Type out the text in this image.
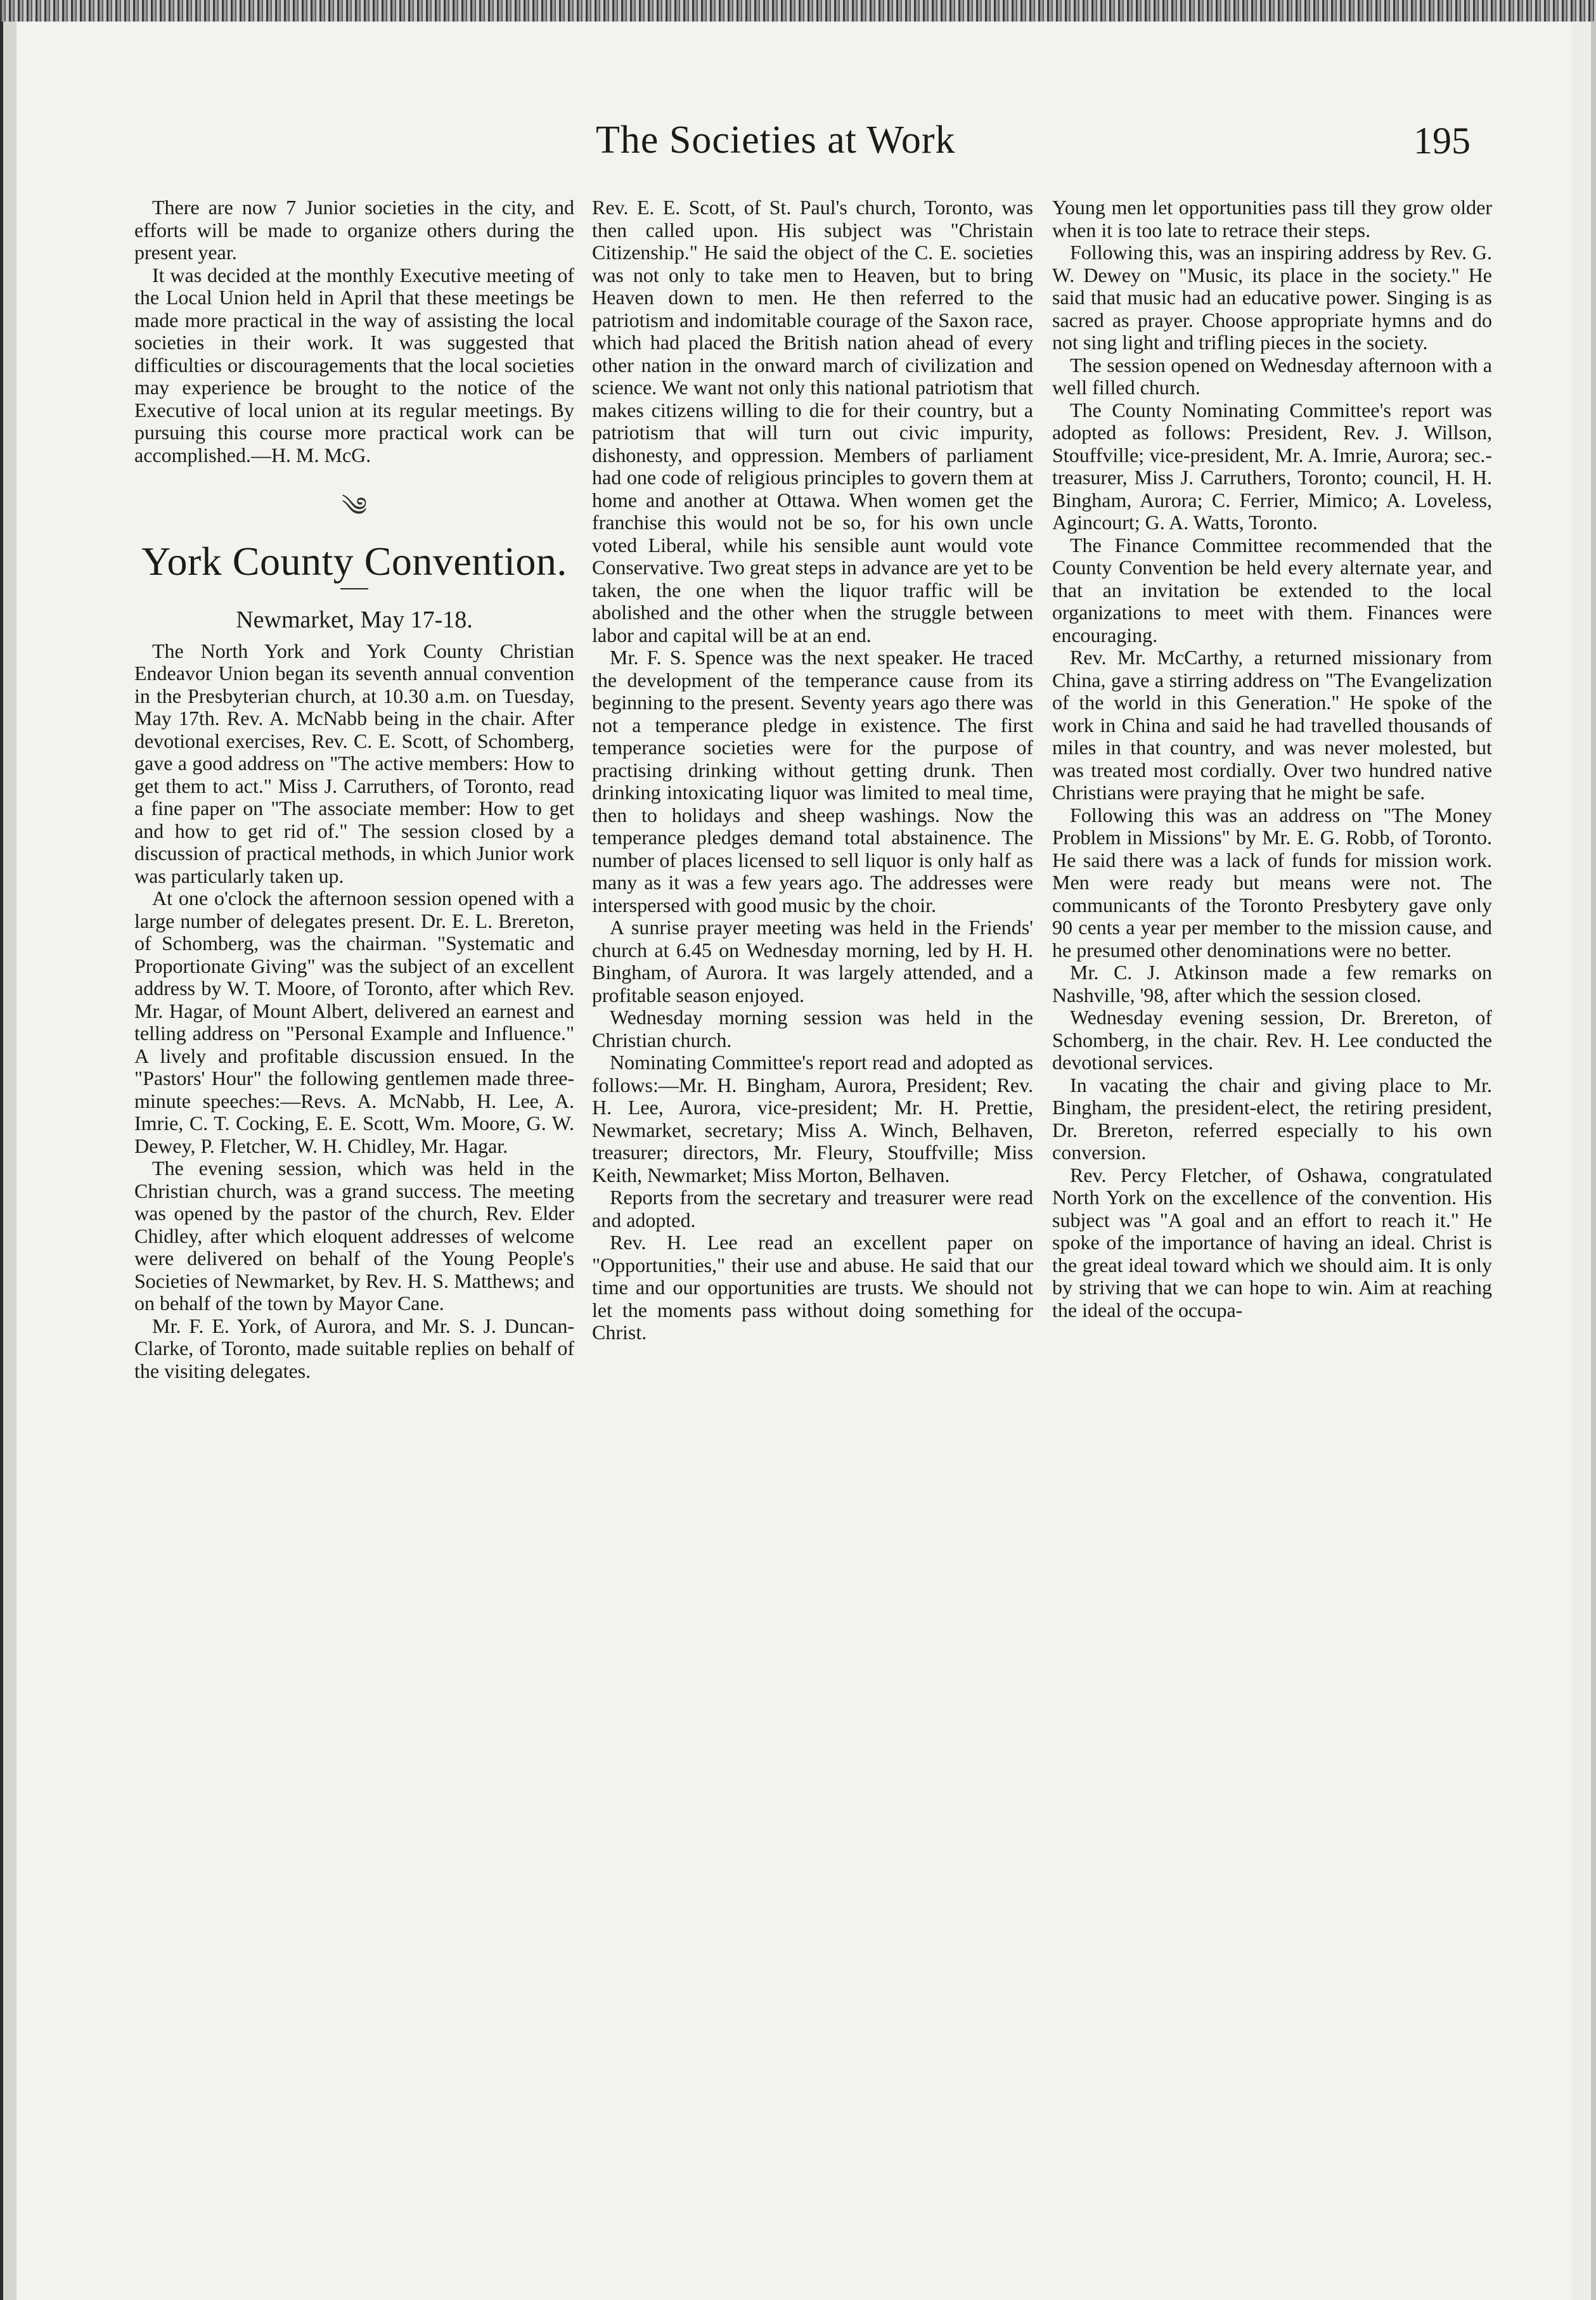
The Societies at Work	195

There are now 7 Junior societies in the city, and efforts will be made to organize others during the present year.

It was decided at the monthly Executive meeting of the Local Union held in April that these meetings be made more practical in the way of assisting the local societies in their work. It was suggested that difficulties or discouragements that the local societies may experience be brought to the notice of the Executive of local union at its regular meetings. By pursuing this course more practical work can be accomplished.—H. M. McG.

༄
York County Convention.
Newmarket, May 17-18.

The North York and York County Christian Endeavor Union began its seventh annual convention in the Presbyterian church, at 10.30 a.m. on Tuesday, May 17th. Rev. A. McNabb being in the chair. After devotional exercises, Rev. C. E. Scott, of Schomberg, gave a good address on "The active members: How to get them to act." Miss J. Carruthers, of Toronto, read a fine paper on "The associate member: How to get and how to get rid of." The session closed by a discussion of practical methods, in which Junior work was particularly taken up.

At one o'clock the afternoon session opened with a large number of delegates present. Dr. E. L. Brereton, of Schomberg, was the chairman. "Systematic and Proportionate Giving" was the subject of an excellent address by W. T. Moore, of Toronto, after which Rev. Mr. Hagar, of Mount Albert, delivered an earnest and telling address on "Personal Example and Influence." A lively and profitable discussion ensued. In the "Pastors' Hour" the following gentlemen made three-minute speeches:—Revs. A. McNabb, H. Lee, A. Imrie, C. T. Cocking, E. E. Scott, Wm. Moore, G. W. Dewey, P. Fletcher, W. H. Chidley, Mr. Hagar.

The evening session, which was held in the Christian church, was a grand success. The meeting was opened by the pastor of the church, Rev. Elder Chidley, after which eloquent addresses of welcome were delivered on behalf of the Young People's Societies of Newmarket, by Rev. H. S. Matthews; and on behalf of the town by Mayor Cane.

Mr. F. E. York, of Aurora, and Mr. S. J. Duncan-Clarke, of Toronto, made suitable replies on behalf of the visiting delegates.

Rev. E. E. Scott, of St. Paul's church, Toronto, was then called upon. His subject was "Christain Citizenship." He said the object of the C. E. societies was not only to take men to Heaven, but to bring Heaven down to men. He then referred to the patriotism and indomitable courage of the Saxon race, which had placed the British nation ahead of every other nation in the onward march of civilization and science. We want not only this national patriotism that makes citizens willing to die for their country, but a patriotism that will turn out civic impurity, dishonesty, and oppression. Members of parliament had one code of religious principles to govern them at home and another at Ottawa. When women get the franchise this would not be so, for his own uncle voted Liberal, while his sensible aunt would vote Conservative. Two great steps in advance are yet to be taken, the one when the liquor traffic will be abolished and the other when the struggle between labor and capital will be at an end.

Mr. F. S. Spence was the next speaker. He traced the development of the temperance cause from its beginning to the present. Seventy years ago there was not a temperance pledge in existence. The first temperance societies were for the purpose of practising drinking without getting drunk. Then drinking intoxicating liquor was limited to meal time, then to holidays and sheep washings. Now the temperance pledges demand total abstainence. The number of places licensed to sell liquor is only half as many as it was a few years ago. The addresses were interspersed with good music by the choir.

A sunrise prayer meeting was held in the Friends' church at 6.45 on Wednesday morning, led by H. H. Bingham, of Aurora. It was largely attended, and a profitable season enjoyed.

Wednesday morning session was held in the Christian church.

Nominating Committee's report read and adopted as follows:—Mr. H. Bingham, Aurora, President; Rev. H. Lee, Aurora, vice-president; Mr. H. Prettie, Newmarket, secretary; Miss A. Winch, Belhaven, treasurer; directors, Mr. Fleury, Stouffville; Miss Keith, Newmarket; Miss Morton, Belhaven.

Reports from the secretary and treasurer were read and adopted.

Rev. H. Lee read an excellent paper on "Opportunities," their use and abuse. He said that our time and our opportunities are trusts. We should not let the moments pass without doing something for Christ.

Young men let opportunities pass till they grow older when it is too late to retrace their steps.

Following this, was an inspiring address by Rev. G. W. Dewey on "Music, its place in the society." He said that music had an educative power. Singing is as sacred as prayer. Choose appropriate hymns and do not sing light and trifling pieces in the society.

The session opened on Wednesday afternoon with a well filled church.

The County Nominating Committee's report was adopted as follows: President, Rev. J. Willson, Stouffville; vice-president, Mr. A. Imrie, Aurora; sec.-treasurer, Miss J. Carruthers, Toronto; council, H. H. Bingham, Aurora; C. Ferrier, Mimico; A. Loveless, Agincourt; G. A. Watts, Toronto.

The Finance Committee recommended that the County Convention be held every alternate year, and that an invitation be extended to the local organizations to meet with them. Finances were encouraging.

Rev. Mr. McCarthy, a returned missionary from China, gave a stirring address on "The Evangelization of the world in this Generation." He spoke of the work in China and said he had travelled thousands of miles in that country, and was never molested, but was treated most cordially. Over two hundred native Christians were praying that he might be safe.

Following this was an address on "The Money Problem in Missions" by Mr. E. G. Robb, of Toronto. He said there was a lack of funds for mission work. Men were ready but means were not. The communicants of the Toronto Presbytery gave only 90 cents a year per member to the mission cause, and he presumed other denominations were no better.

Mr. C. J. Atkinson made a few remarks on Nashville, '98, after which the session closed.

Wednesday evening session, Dr. Brereton, of Schomberg, in the chair. Rev. H. Lee conducted the devotional services.

In vacating the chair and giving place to Mr. Bingham, the president-elect, the retiring president, Dr. Brereton, referred especially to his own conversion.

Rev. Percy Fletcher, of Oshawa, congratulated North York on the excellence of the convention. His subject was "A goal and an effort to reach it." He spoke of the importance of having an ideal. Christ is the great ideal toward which we should aim. It is only by striving that we can hope to win. Aim at reaching the ideal of the occupa-
